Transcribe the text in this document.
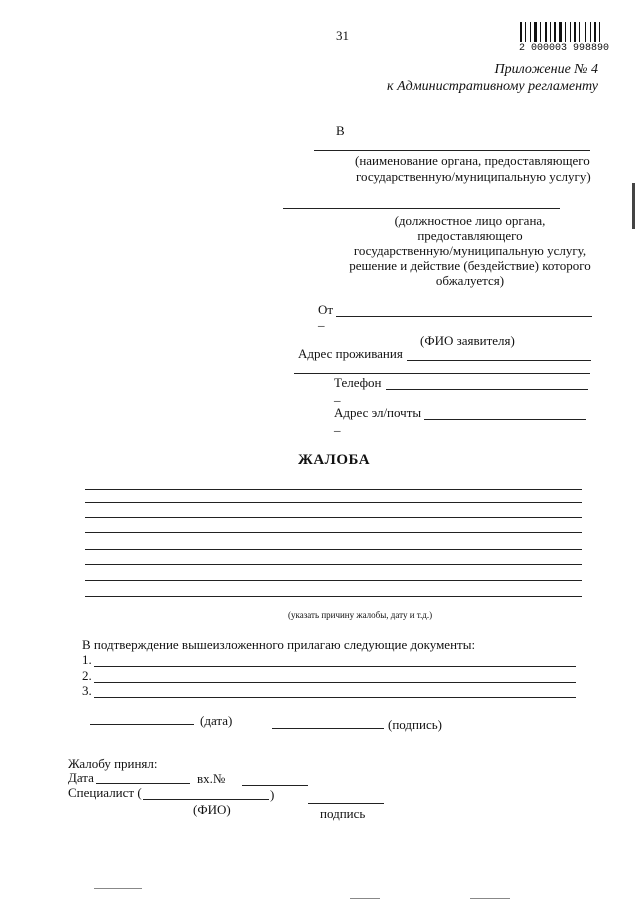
31
2 000003 998890
Приложение № 4
к Административному регламенту
В
(наименование органа, предоставляющего
государственную/муниципальную услугу)
(должностное лицо органа,
предоставляющего
государственную/муниципальную услугу,
решение и действие (бездействие) которого
обжалуется)
От
_
(ФИО заявителя)
Адрес проживания
Телефон
_
Адрес эл/почты
_
ЖАЛОБА
(указать причину жалобы, дату и т.д.)
В подтверждение вышеизложенного прилагаю следующие документы:
1.
2.
3.
(дата)	(подпись)
Жалобу принял:
Дата	вх.№
Специалист (	)
(ФИО)	подпись
